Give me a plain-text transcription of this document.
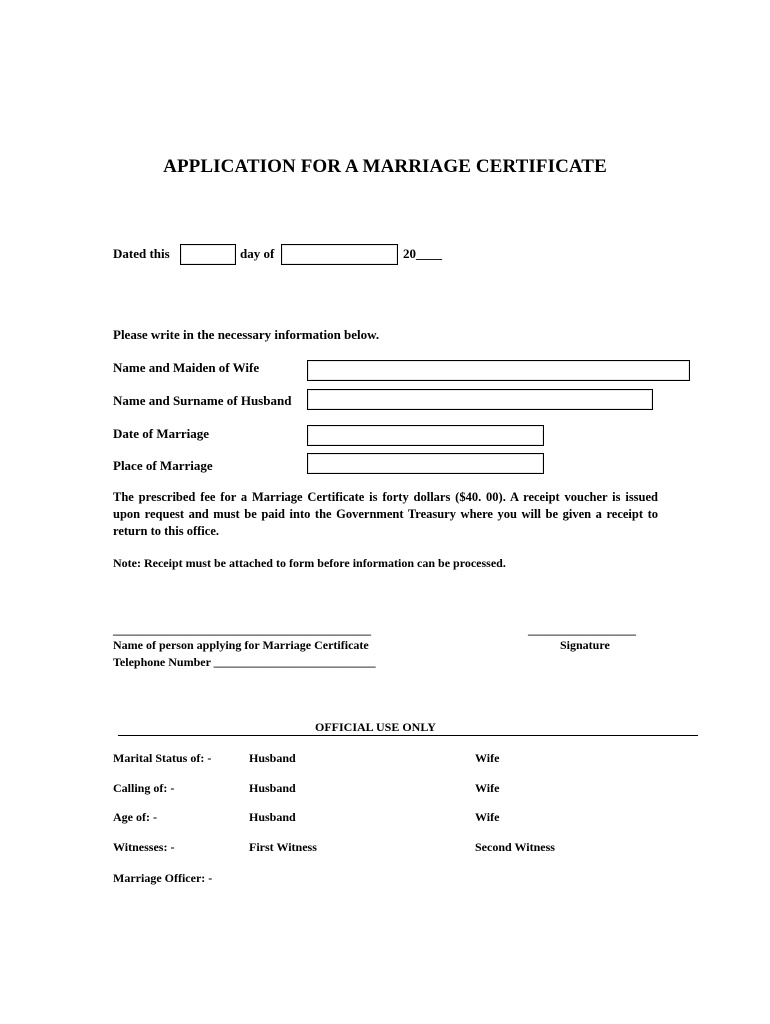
APPLICATION FOR A MARRIAGE CERTIFICATE
Dated this	day of	20____
Please write in the necessary information below.
Name and Maiden of Wife
Name and Surname of Husband
Date of Marriage
Place of Marriage
The prescribed fee for a Marriage Certificate is forty dollars ($40. 00). A receipt voucher is issued upon request and must be paid into the Government Treasury where you will be given a receipt to return to this office.
Note: Receipt must be attached to form before information can be processed.
___________________________________________
Name of person applying for Marriage Certificate
Telephone Number ___________________________
__________________
Signature
OFFICIAL USE ONLY
Marital Status of: -	Husband	Wife
Calling of: -	Husband	Wife
Age of: -	Husband	Wife
Witnesses: -	First Witness	Second Witness
Marriage Officer: -
